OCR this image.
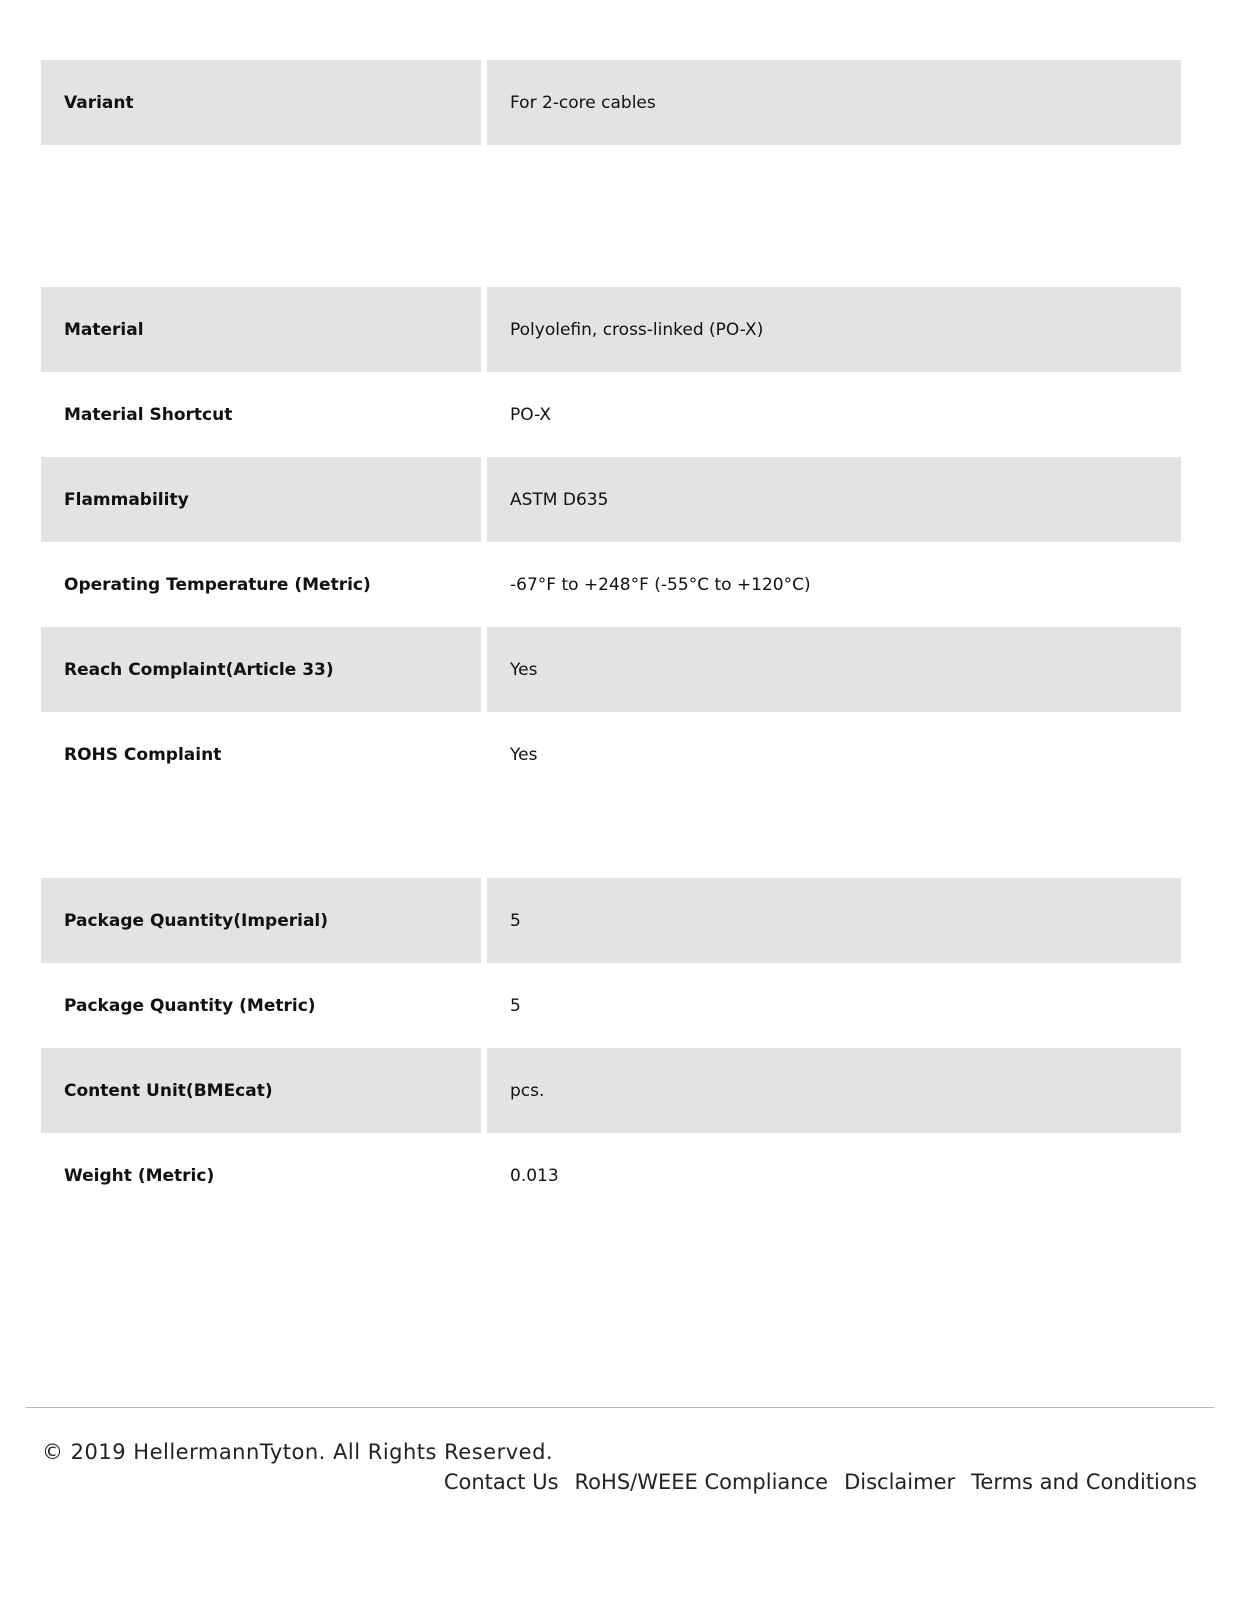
Variant	For 2-core cables
Material	Polyolefin, cross-linked (PO-X)
Material Shortcut	PO-X
Flammability	ASTM D635
Operating Temperature (Metric)	-67°F to +248°F (-55°C to +120°C)
Reach Complaint(Article 33)	Yes
ROHS Complaint	Yes
Package Quantity(Imperial)	5
Package Quantity (Metric)	5
Content Unit(BMEcat)	pcs.
Weight (Metric)	0.013
© 2019 HellermannTyton. All Rights Reserved.
Contact Us RoHS/WEEE Compliance Disclaimer Terms and Conditions
